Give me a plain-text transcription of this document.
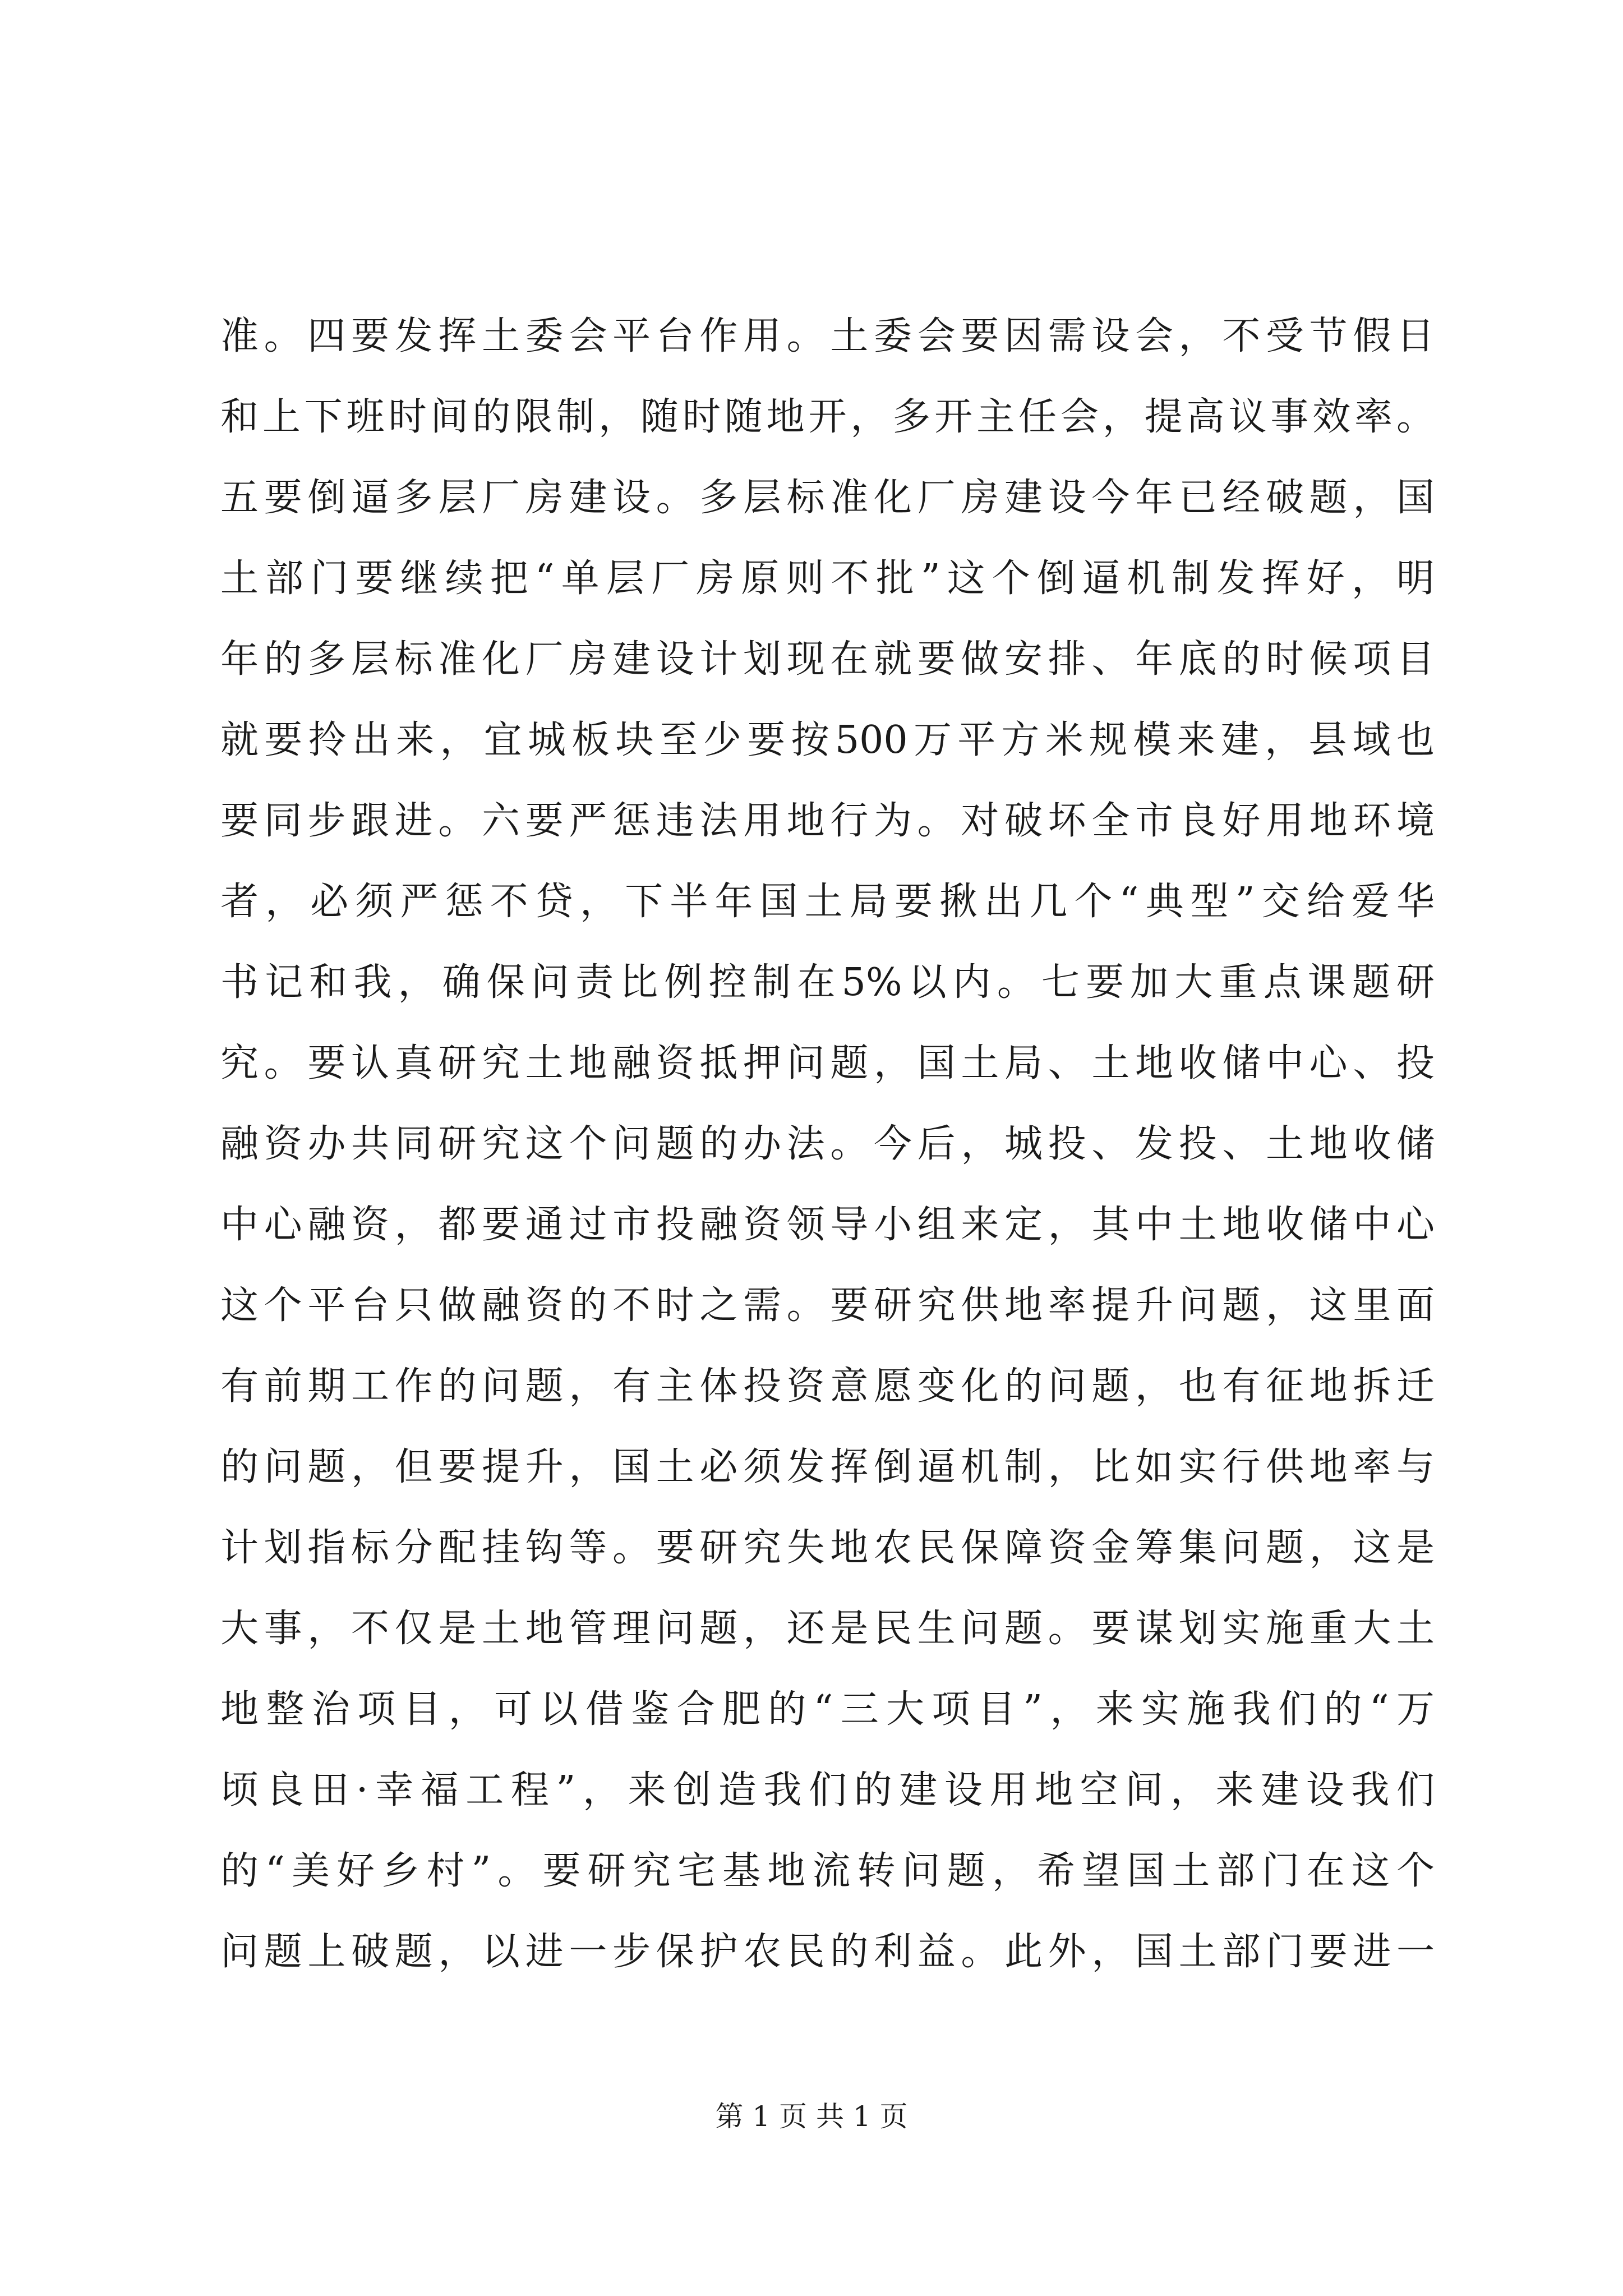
准。四要发挥土委会平台作用。土委会要因需设会，不受节假日
和上下班时间的限制，随时随地开，多开主任会，提高议事效率。
五要倒逼多层厂房建设。多层标准化厂房建设今年已经破题，国
土部门要继续把“单层厂房原则不批”这个倒逼机制发挥好，明
年的多层标准化厂房建设计划现在就要做安排、年底的时候项目
就要拎出来，宜城板块至少要按500万平方米规模来建，县域也
要同步跟进。六要严惩违法用地行为。对破坏全市良好用地环境
者，必须严惩不贷，下半年国土局要揪出几个“典型”交给爱华
书记和我，确保问责比例控制在5%以内。七要加大重点课题研
究。要认真研究土地融资抵押问题，国土局、土地收储中心、投
融资办共同研究这个问题的办法。今后，城投、发投、土地收储
中心融资，都要通过市投融资领导小组来定，其中土地收储中心
这个平台只做融资的不时之需。要研究供地率提升问题，这里面
有前期工作的问题，有主体投资意愿变化的问题，也有征地拆迁
的问题，但要提升，国土必须发挥倒逼机制，比如实行供地率与
计划指标分配挂钩等。要研究失地农民保障资金筹集问题，这是
大事，不仅是土地管理问题，还是民生问题。要谋划实施重大土
地整治项目，可以借鉴合肥的“三大项目”，来实施我们的“万
顷良田·幸福工程”，来创造我们的建设用地空间，来建设我们
的“美好乡村”。要研究宅基地流转问题，希望国土部门在这个
问题上破题，以进一步保护农民的利益。此外，国土部门要进一
第 1 页 共 1 页
